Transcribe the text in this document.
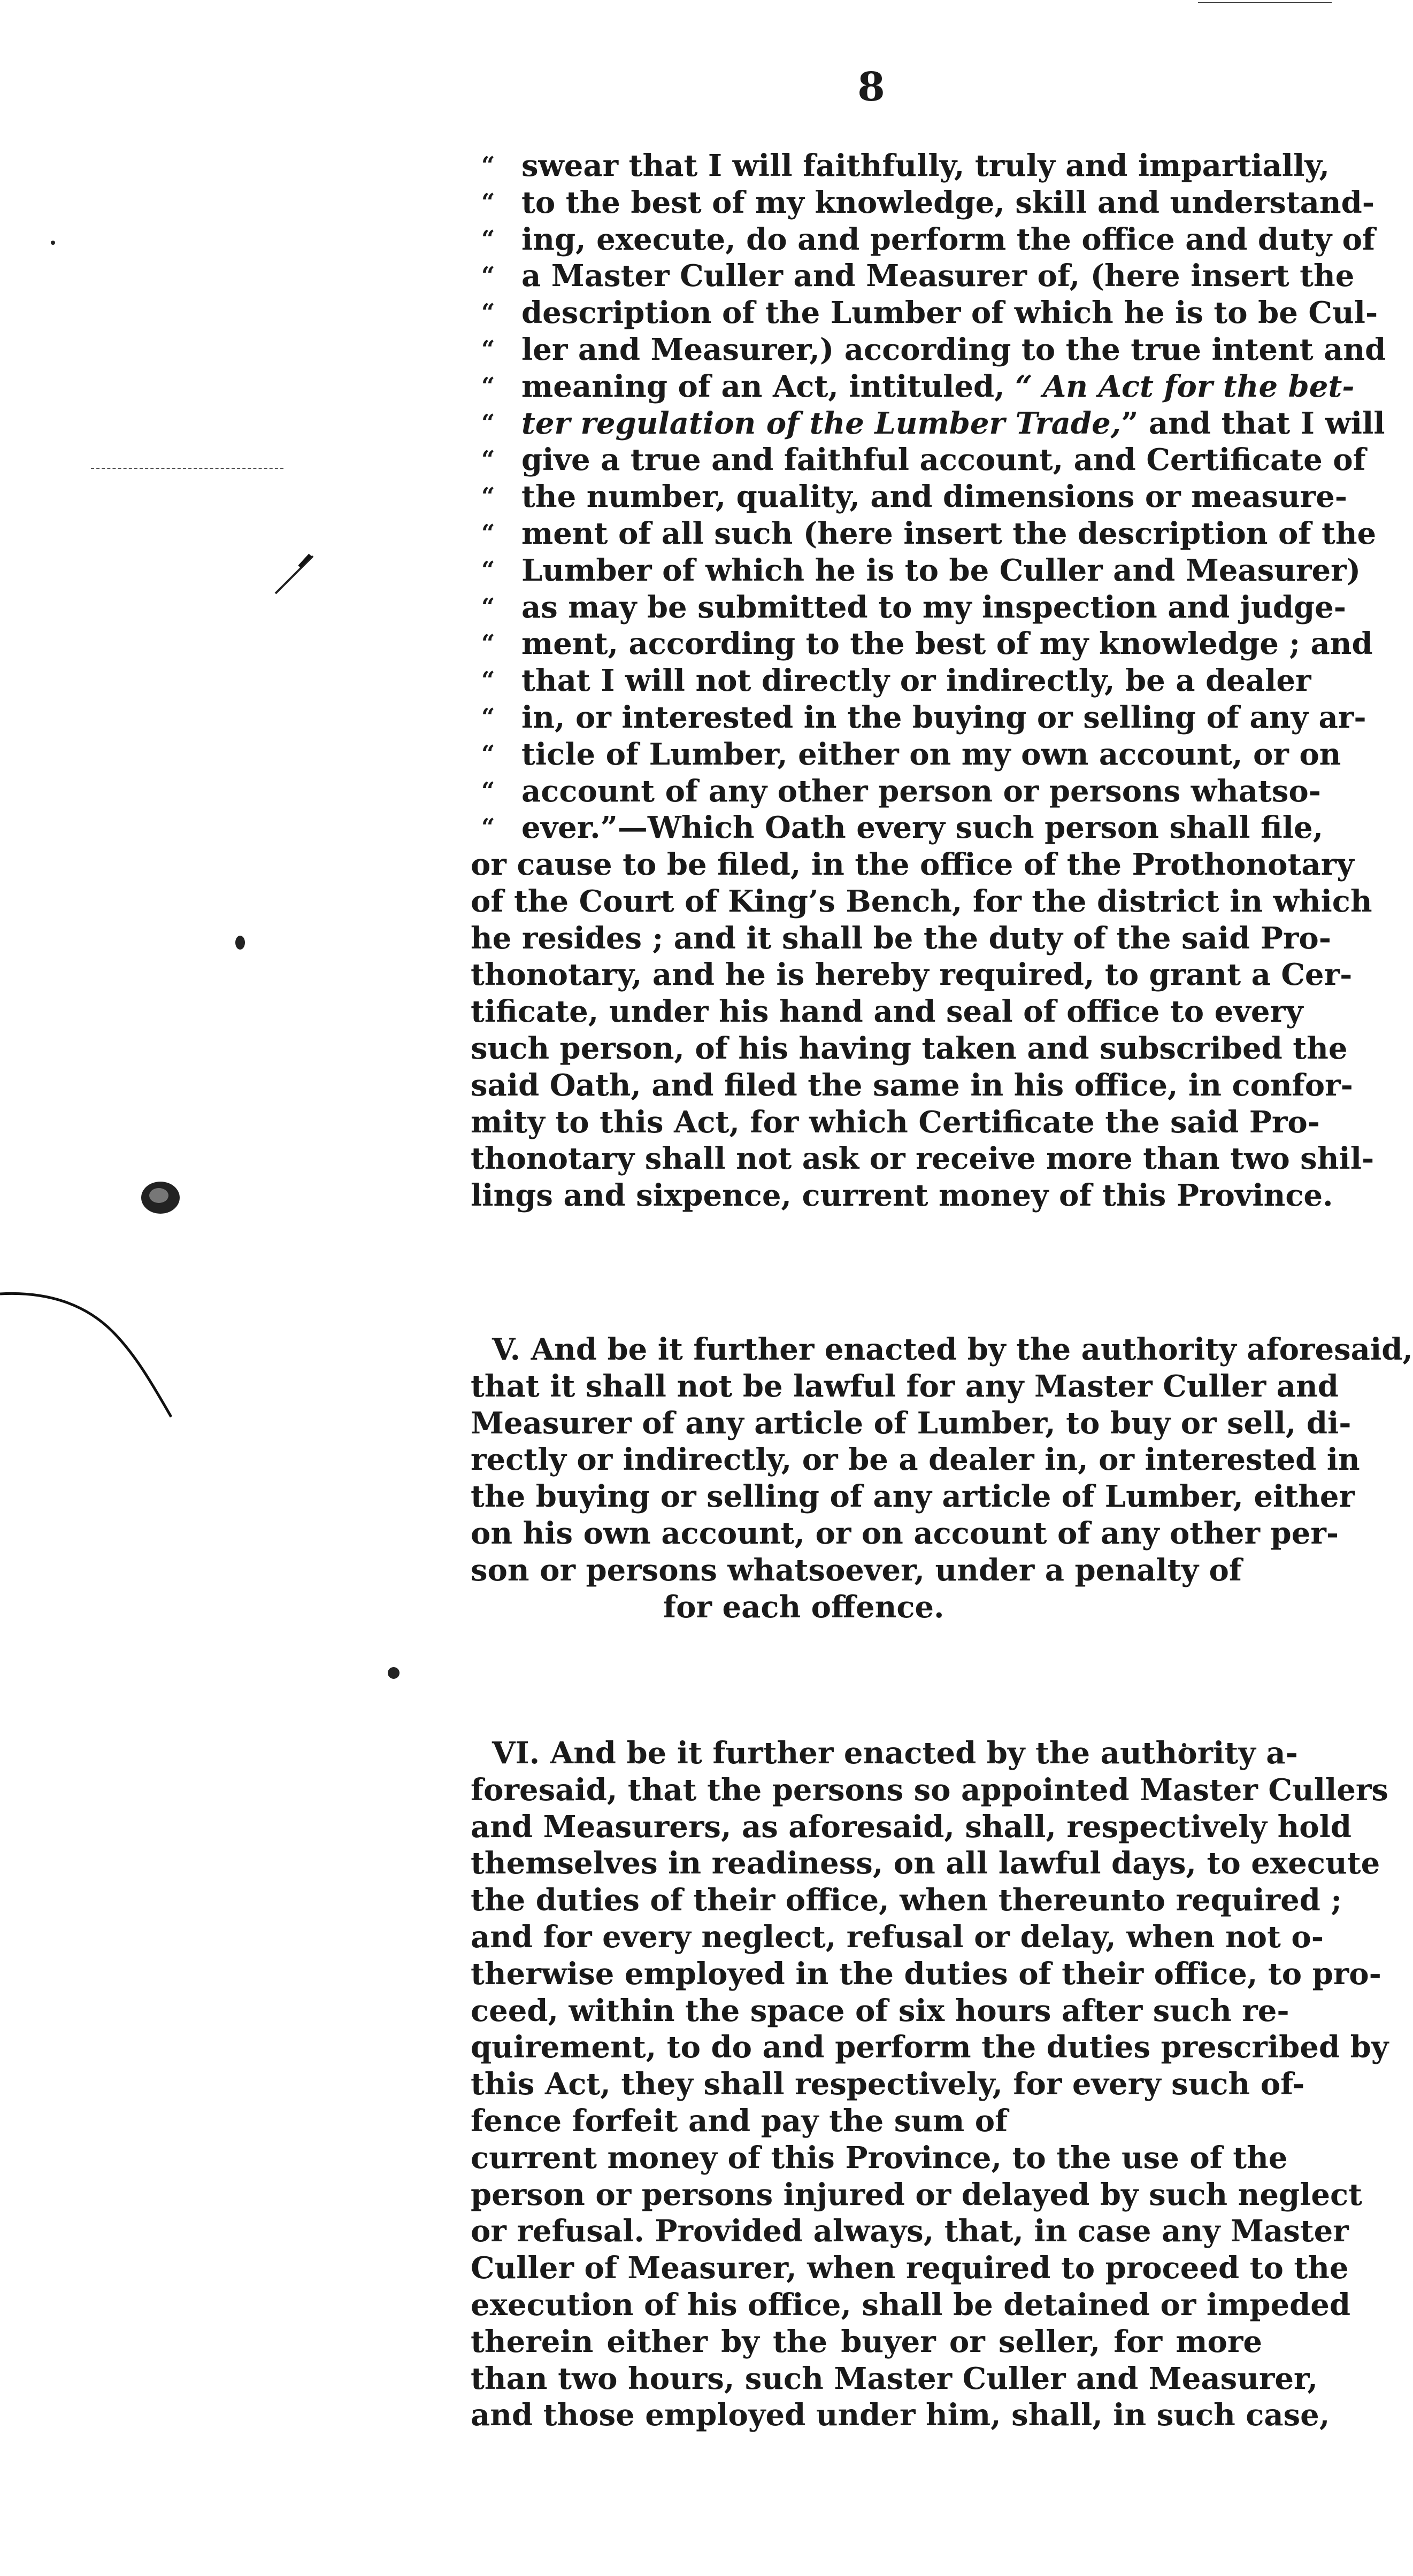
8
“ swear that I will faithfully, truly and impartially,
“ to the best of my knowledge, skill and understand-
“ ing, execute, do and perform the office and duty of
“ a Master Culler and Measurer of, (here insert the
“ description of the Lumber of which he is to be Cul-
“ ler and Measurer,) according to the true intent and
“ meaning of an Act, intituled, “ An Act for the bet-
“ ter regulation of the Lumber Trade,” and that I will
“ give a true and faithful account, and Certificate of
“ the number, quality, and dimensions or measure-
“ ment of all such (here insert the description of the
“ Lumber of which he is to be Culler and Measurer)
“ as may be submitted to my inspection and judge-
“ ment, according to the best of my knowledge ; and
“ that I will not directly or indirectly, be a dealer
“ in, or interested in the buying or selling of any ar-
“ ticle of Lumber, either on my own account, or on
“ account of any other person or persons whatso-
“ ever.”—Which Oath every such person shall file,
or cause to be filed, in the office of the Prothonotary
of the Court of King’s Bench, for the district in which
he resides ; and it shall be the duty of the said Pro-
thonotary, and he is hereby required, to grant a Cer-
tificate, under his hand and seal of office to every
such person, of his having taken and subscribed the
said Oath, and filed the same in his office, in confor-
mity to this Act, for which Certificate the said Pro-
thonotary shall not ask or receive more than two shil-
lings and sixpence, current money of this Province.
V. And be it further enacted by the authority aforesaid,
that it shall not be lawful for any Master Culler and
Measurer of any article of Lumber, to buy or sell, di-
rectly or indirectly, or be a dealer in, or interested in
the buying or selling of any article of Lumber, either
on his own account, or on account of any other per-
son or persons whatsoever, under a penalty of
for each offence.
VI. And be it further enacted by the authority a-
foresaid, that the persons so appointed Master Cullers
and Measurers, as aforesaid, shall, respectively hold
themselves in readiness, on all lawful days, to execute
the duties of their office, when thereunto required ;
and for every neglect, refusal or delay, when not o-
therwise employed in the duties of their office, to pro-
ceed, within the space of six hours after such re-
quirement, to do and perform the duties prescribed by
this Act, they shall respectively, for every such of-
fence forfeit and pay the sum of
current money of this Province, to the use of the
person or persons injured or delayed by such neglect
or refusal. Provided always, that, in case any Master
Culler of Measurer, when required to proceed to the
execution of his office, shall be detained or impeded
therein either by the buyer or seller, for more
than two hours, such Master Culler and Measurer,
and those employed under him, shall, in such case,
